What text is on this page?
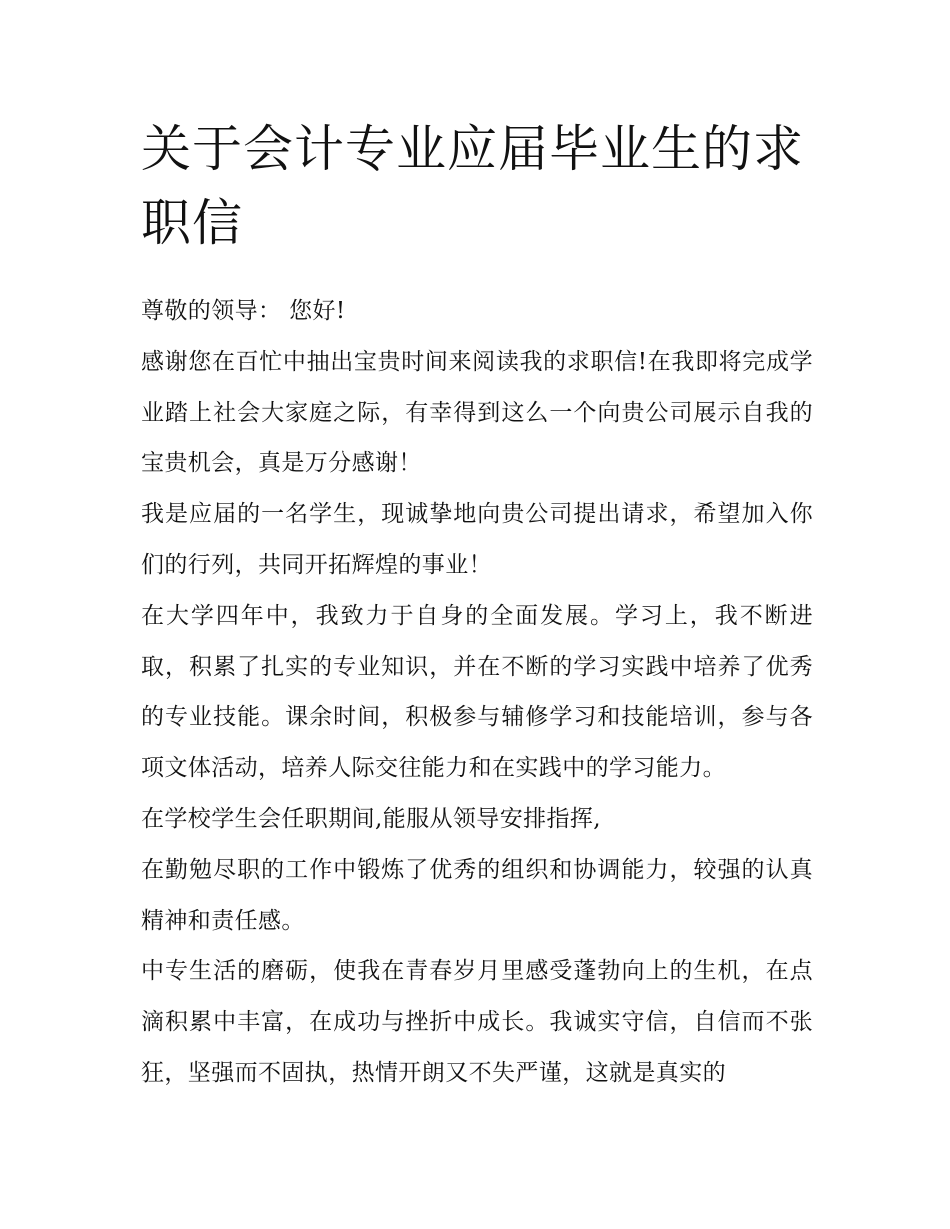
关于会计专业应届毕业生的求职信

尊敬的领导： 您好!

感谢您在百忙中抽出宝贵时间来阅读我的求职信!在我即将完成学业踏上社会大家庭之际，有幸得到这么一个向贵公司展示自我的宝贵机会，真是万分感谢！

我是应届的一名学生，现诚挚地向贵公司提出请求，希望加入你们的行列，共同开拓辉煌的事业！

在大学四年中，我致力于自身的全面发展。学习上，我不断进取，积累了扎实的专业知识，并在不断的学习实践中培养了优秀的专业技能。课余时间，积极参与辅修学习和技能培训，参与各项文体活动，培养人际交往能力和在实践中的学习能力。

在学校学生会任职期间,能服从领导安排指挥,

在勤勉尽职的工作中锻炼了优秀的组织和协调能力，较强的认真精神和责任感。

中专生活的磨砺，使我在青春岁月里感受蓬勃向上的生机，在点滴积累中丰富，在成功与挫折中成长。我诚实守信，自信而不张狂，坚强而不固执，热情开朗又不失严谨，这就是真实的
